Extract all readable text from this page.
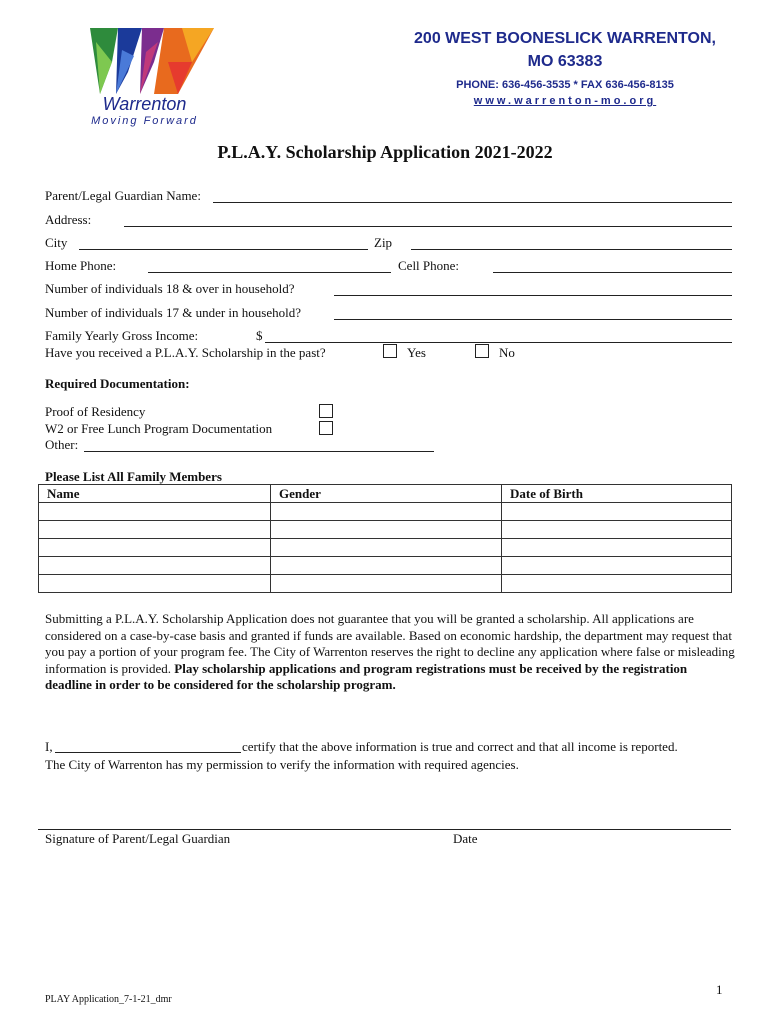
Warrenton
Moving Forward
200 WEST BOONESLICK WARRENTON,
MO 63383
PHONE: 636-456-3535 * FAX 636-456-8135
www.warrenton-mo.org
P.L.A.Y. Scholarship Application 2021-2022
Parent/Legal Guardian Name:
Address:
City	Zip
Home Phone:	Cell Phone:
Number of individuals 18 & over in household?
Number of individuals 17 & under in household?
Family Yearly Gross Income:	$
Have you received a P.L.A.Y. Scholarship in the past?	Yes	No
Required Documentation:
Proof of Residency
W2 or Free Lunch Program Documentation
Other:
Please List All Family Members
Name	Gender	Date of Birth

Submitting a P.L.A.Y. Scholarship Application does not guarantee that you will be granted a scholarship. All applications are considered on a case-by-case basis and granted if funds are available. Based on economic hardship, the department may request that you pay a portion of your program fee. The City of Warrenton reserves the right to decline any application where false or misleading information is provided. Play scholarship applications and program registrations must be received by the registration deadline in order to be considered for the scholarship program.
I,	certify that the above information is true and correct and that all income is reported.
The City of Warrenton has my permission to verify the information with required agencies.
Signature of Parent/Legal Guardian	Date
1
PLAY Application_7-1-21_dmr
